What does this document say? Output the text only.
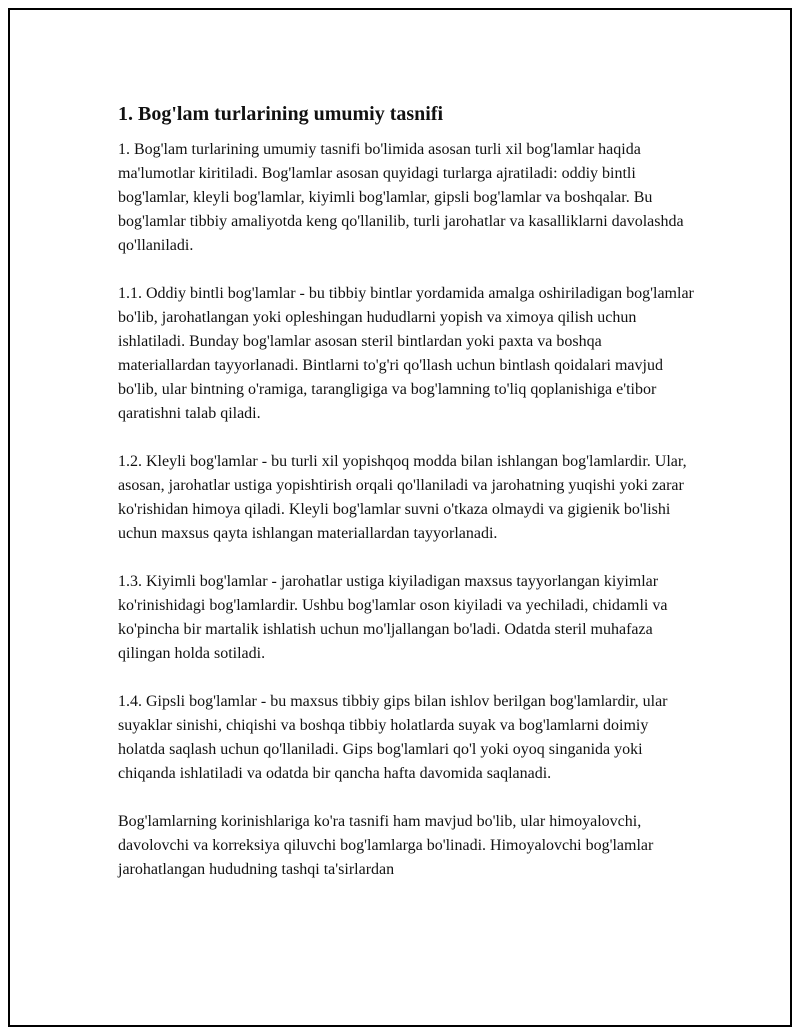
1. Bog'lam turlarining umumiy tasnifi

1. Bog'lam turlarining umumiy tasnifi bo'limida asosan turli xil bog'lamlar haqida ma'lumotlar kiritiladi. Bog'lamlar asosan quyidagi turlarga ajratiladi: oddiy bintli bog'lamlar, kleyli bog'lamlar, kiyimli bog'lamlar, gipsli bog'lamlar va boshqalar. Bu bog'lamlar tibbiy amaliyotda keng qo'llanilib, turli jarohatlar va kasalliklarni davolashda qo'llaniladi.

1.1. Oddiy bintli bog'lamlar - bu tibbiy bintlar yordamida amalga oshiriladigan bog'lamlar bo'lib, jarohatlangan yoki opleshingan hududlarni yopish va ximoya qilish uchun ishlatiladi. Bunday bog'lamlar asosan steril bintlardan yoki paxta va boshqa materiallardan tayyorlanadi. Bintlarni to'g'ri qo'llash uchun bintlash qoidalari mavjud bo'lib, ular bintning o'ramiga, tarangligiga va bog'lamning to'liq qoplanishiga e'tibor qaratishni talab qiladi.

1.2. Kleyli bog'lamlar - bu turli xil yopishqoq modda bilan ishlangan bog'lamlardir. Ular, asosan, jarohatlar ustiga yopishtirish orqali qo'llaniladi va jarohatning yuqishi yoki zarar ko'rishidan himoya qiladi. Kleyli bog'lamlar suvni o'tkaza olmaydi va gigienik bo'lishi uchun maxsus qayta ishlangan materiallardan tayyorlanadi.

1.3. Kiyimli bog'lamlar - jarohatlar ustiga kiyiladigan maxsus tayyorlangan kiyimlar ko'rinishidagi bog'lamlardir. Ushbu bog'lamlar oson kiyiladi va yechiladi, chidamli va ko'pincha bir martalik ishlatish uchun mo'ljallangan bo'ladi. Odatda steril muhafaza qilingan holda sotiladi.

1.4. Gipsli bog'lamlar - bu maxsus tibbiy gips bilan ishlov berilgan bog'lamlardir, ular suyaklar sinishi, chiqishi va boshqa tibbiy holatlarda suyak va bog'lamlarni doimiy holatda saqlash uchun qo'llaniladi. Gips bog'lamlari qo'l yoki oyoq singanida yoki chiqanda ishlatiladi va odatda bir qancha hafta davomida saqlanadi.

Bog'lamlarning korinishlariga ko'ra tasnifi ham mavjud bo'lib, ular himoyalovchi, davolovchi va korreksiya qiluvchi bog'lamlarga bo'linadi. Himoyalovchi bog'lamlar jarohatlangan hududning tashqi ta'sirlardan
